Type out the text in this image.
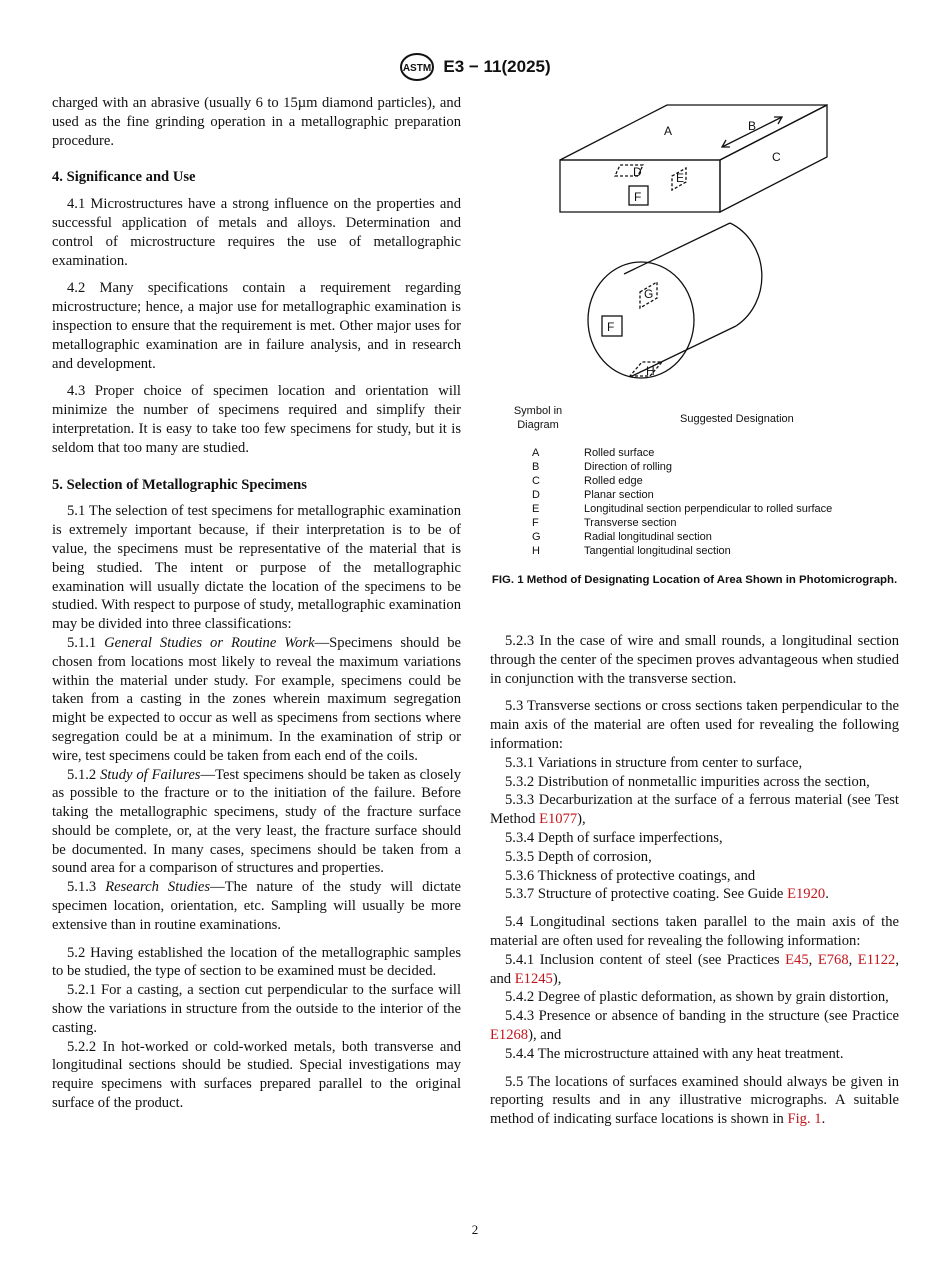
ASTM E3 − 11(2025)

charged with an abrasive (usually 6 to 15µm diamond particles), and used as the fine grinding operation in a metallographic preparation procedure.

4. Significance and Use

4.1 Microstructures have a strong influence on the properties and successful application of metals and alloys. Determination and control of microstructure requires the use of metallographic examination.

4.2 Many specifications contain a requirement regarding microstructure; hence, a major use for metallographic examination is inspection to ensure that the requirement is met. Other major uses for metallographic examination are in failure analysis, and in research and development.

4.3 Proper choice of specimen location and orientation will minimize the number of specimens required and simplify their interpretation. It is easy to take too few specimens for study, but it is seldom that too many are studied.

5. Selection of Metallographic Specimens

5.1 The selection of test specimens for metallographic examination is extremely important because, if their interpretation is to be of value, the specimens must be representative of the material that is being studied. The intent or purpose of the metallographic examination will usually dictate the location of the specimens to be studied. With respect to purpose of study, metallographic examination may be divided into three classifications:

5.1.1 General Studies or Routine Work—Specimens should be chosen from locations most likely to reveal the maximum variations within the material under study. For example, specimens could be taken from a casting in the zones wherein maximum segregation might be expected to occur as well as specimens from sections where segregation could be at a minimum. In the examination of strip or wire, test specimens could be taken from each end of the coils.

5.1.2 Study of Failures—Test specimens should be taken as closely as possible to the fracture or to the initiation of the failure. Before taking the metallographic specimens, study of the fracture surface should be complete, or, at the very least, the fracture surface should be documented. In many cases, specimens should be taken from a sound area for a comparison of structures and properties.

5.1.3 Research Studies—The nature of the study will dictate specimen location, orientation, etc. Sampling will usually be more extensive than in routine examinations.

5.2 Having established the location of the metallographic samples to be studied, the type of section to be examined must be decided.

5.2.1 For a casting, a section cut perpendicular to the surface will show the variations in structure from the outside to the interior of the casting.

5.2.2 In hot-worked or cold-worked metals, both transverse and longitudinal sections should be studied. Special investigations may require specimens with surfaces prepared parallel to the original surface of the product.

A	B
C
D	E
F
G
F
H
Symbol in Diagram	Suggested Designation
A	Rolled surface
B	Direction of rolling
C	Rolled edge
D	Planar section
E	Longitudinal section perpendicular to rolled surface
F	Transverse section
G	Radial longitudinal section
H	Tangential longitudinal section
FIG. 1 Method of Designating Location of Area Shown in Photomicrograph.

5.2.3 In the case of wire and small rounds, a longitudinal section through the center of the specimen proves advantageous when studied in conjunction with the transverse section.

5.3 Transverse sections or cross sections taken perpendicular to the main axis of the material are often used for revealing the following information:

5.3.1 Variations in structure from center to surface,

5.3.2 Distribution of nonmetallic impurities across the section,

5.3.3 Decarburization at the surface of a ferrous material (see Test Method E1077),

5.3.4 Depth of surface imperfections,

5.3.5 Depth of corrosion,

5.3.6 Thickness of protective coatings, and

5.3.7 Structure of protective coating. See Guide E1920.

5.4 Longitudinal sections taken parallel to the main axis of the material are often used for revealing the following information:

5.4.1 Inclusion content of steel (see Practices E45, E768, E1122, and E1245),

5.4.2 Degree of plastic deformation, as shown by grain distortion,

5.4.3 Presence or absence of banding in the structure (see Practice E1268), and

5.4.4 The microstructure attained with any heat treatment.

5.5 The locations of surfaces examined should always be given in reporting results and in any illustrative micrographs. A suitable method of indicating surface locations is shown in Fig. 1.

2
